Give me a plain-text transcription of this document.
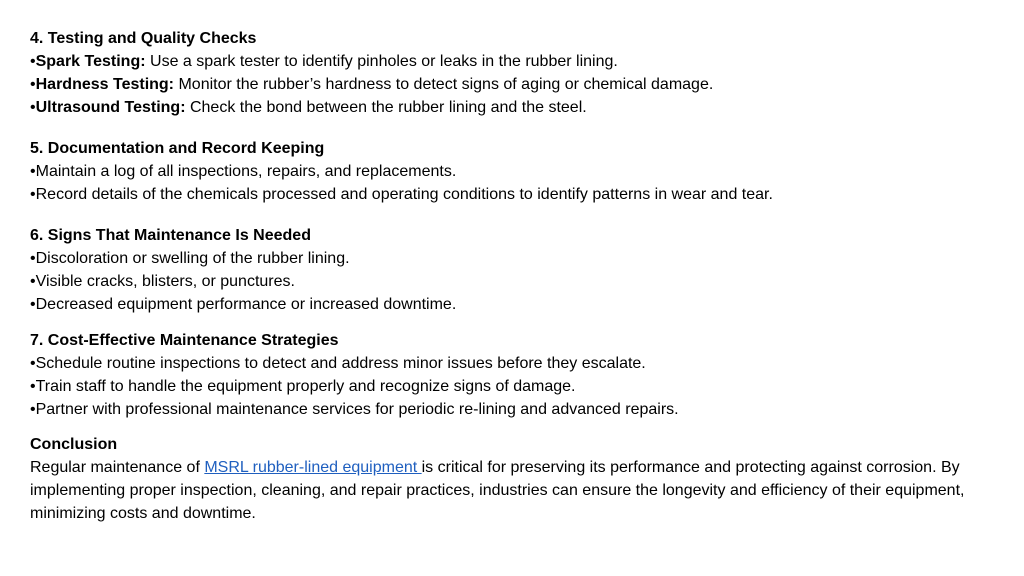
4. Testing and Quality Checks
•Spark Testing: Use a spark tester to identify pinholes or leaks in the rubber lining.
•Hardness Testing: Monitor the rubber’s hardness to detect signs of aging or chemical damage.
•Ultrasound Testing: Check the bond between the rubber lining and the steel.
5. Documentation and Record Keeping
•Maintain a log of all inspections, repairs, and replacements.
•Record details of the chemicals processed and operating conditions to identify patterns in wear and tear.
6. Signs That Maintenance Is Needed
•Discoloration or swelling of the rubber lining.
•Visible cracks, blisters, or punctures.
•Decreased equipment performance or increased downtime.
7. Cost-Effective Maintenance Strategies
•Schedule routine inspections to detect and address minor issues before they escalate.
•Train staff to handle the equipment properly and recognize signs of damage.
•Partner with professional maintenance services for periodic re-lining and advanced repairs.
Conclusion
Regular maintenance of MSRL rubber-lined equipment is critical for preserving its performance and protecting against corrosion. By implementing proper inspection, cleaning, and repair practices, industries can ensure the longevity and efficiency of their equipment, minimizing costs and downtime.
